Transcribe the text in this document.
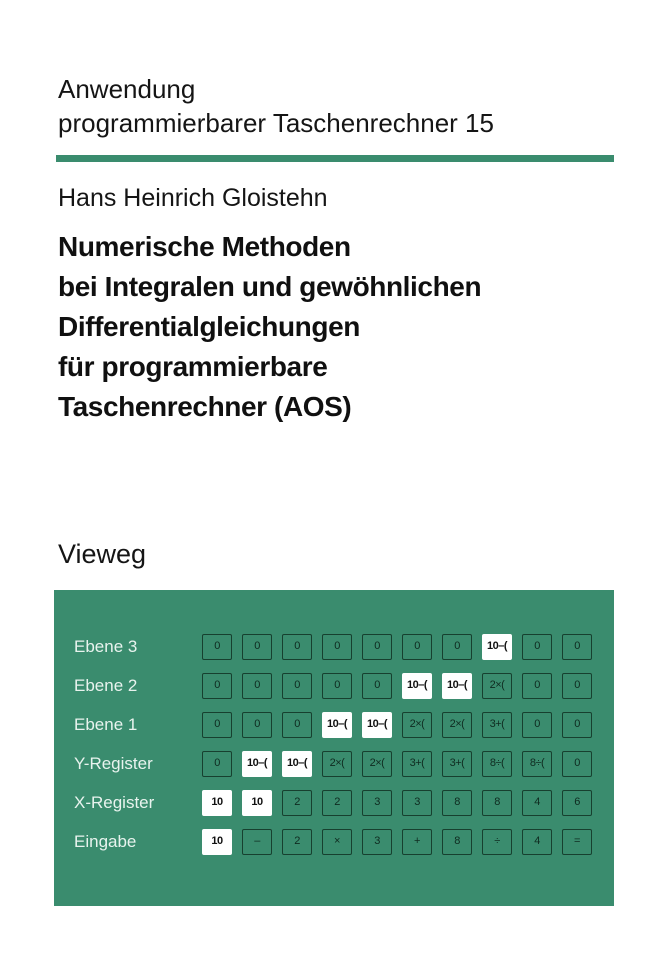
Anwendung
programmierbarer Taschenrechner 15
Hans Heinrich Gloistehn
Numerische Methoden
bei Integralen und gewöhnlichen
Differentialgleichungen
für programmierbare
Taschenrechner (AOS)
Vieweg
Ebene 3	0	0	0	0	0	0	0	10–(	0	0
Ebene 2	0	0	0	0	0	10–(	10–(	2×(	0	0
Ebene 1	0	0	0	10–(	10–(	2×(	2×(	3+(	0	0
Y-Register	0	10–(	10–(	2×(	2×(	3+(	3+(	8÷(	8÷(	0
X-Register	10	10	2	2	3	3	8	8	4	6
Eingabe	10	–	2	×	3	+	8	÷	4	=
